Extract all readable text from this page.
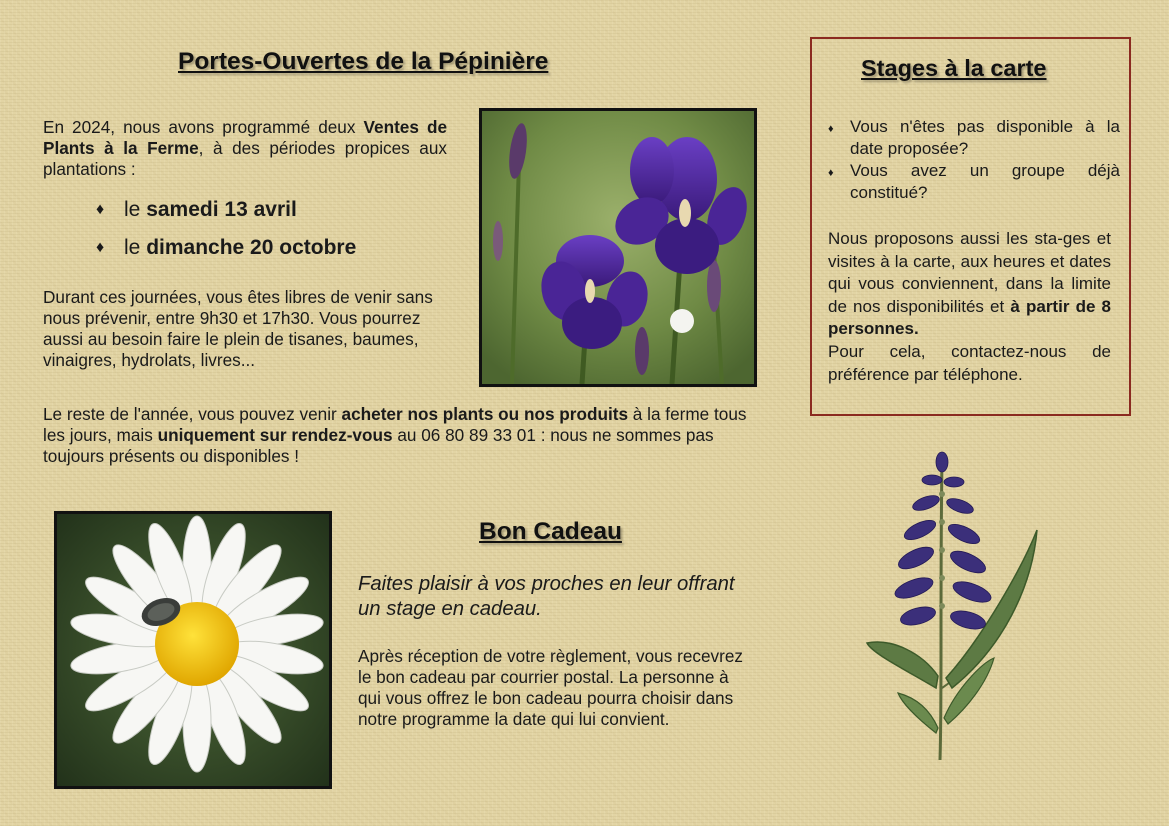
Portes-Ouvertes de la Pépinière
En 2024, nous avons programmé deux Ventes de Plants à la Ferme, à des périodes propices aux plantations :
♦ le samedi 13 avril
♦ le dimanche 20 octobre
Durant ces journées, vous êtes libres de venir sans nous prévenir, entre 9h30 et 17h30. Vous pourrez aussi au besoin faire le plein de tisanes, baumes, vinaigres, hydrolats, livres...
Le reste de l'année, vous pouvez venir acheter nos plants ou nos produits à la ferme tous les jours, mais uniquement sur rendez-vous au 06 80 89 33 01 : nous ne sommes pas toujours présents ou disponibles !
Stages à la carte
♦ Vous n'êtes pas disponible à la date proposée?
♦ Vous avez un groupe déjà constitué?
Nous proposons aussi les sta-ges et visites à la carte, aux heures et dates qui vous conviennent, dans la limite de nos disponibilités et à partir de 8 personnes.
Pour cela, contactez-nous de préférence par téléphone.
Bon Cadeau
Faites plaisir à vos proches en leur offrant un stage en cadeau.
Après réception de votre règlement, vous recevrez le bon cadeau par courrier postal. La personne à qui vous offrez le bon cadeau pourra choisir dans notre programme la date qui lui convient.
